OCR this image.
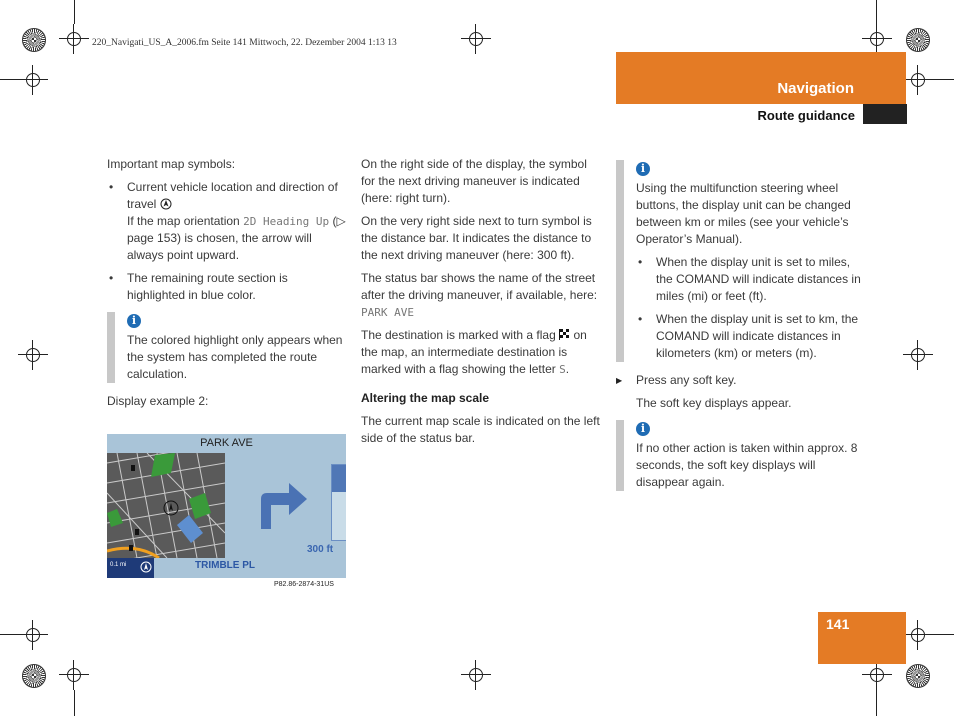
220_Navigati_US_A_2006.fm Seite 141 Mittwoch, 22. Dezember 2004 1:13 13
Navigation
Route guidance

Important map symbols:

• Current vehicle location and direction of travel
If the map orientation 2D Heading Up (▷ page 153) is chosen, the arrow will always point upward.
• The remaining route section is highlighted in blue color.
i
The colored highlight only appears when the system has completed the route calculation.

Display example 2:

PARK AVE
300 ft
0.1 mi	TRIMBLE PL
P82.86-2874-31US

On the right side of the display, the symbol for the next driving maneuver is indicated (here: right turn).

On the very right side next to turn symbol is the distance bar. It indicates the distance to the next driving maneuver (here: 300 ft).

The status bar shows the name of the street after the driving maneuver, if available, here: PARK AVE

The destination is marked with a flag on the map, an intermediate destination is marked with a flag showing the letter S.

Altering the map scale

The current map scale is indicated on the left side of the status bar.

i
Using the multifunction steering wheel buttons, the display unit can be changed between km or miles (see your vehicle’s Operator’s Manual).
• When the display unit is set to miles, the COMAND will indicate distances in miles (mi) or feet (ft).
• When the display unit is set to km, the COMAND will indicate distances in kilometers (km) or meters (m).
▶ Press any soft key.

The soft key displays appear.

i
If no other action is taken within approx. 8 seconds, the soft key displays will disappear again.
141
